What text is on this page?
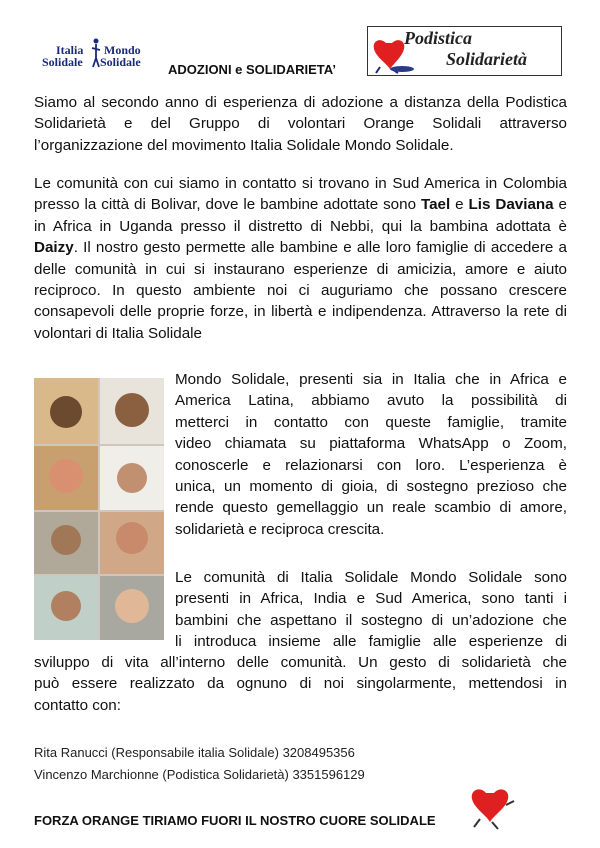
Italia
Solidale
Mondo
Solidale ADOZIONI e SOLIDARIETA’
Podistica
Solidarietà

Siamo al secondo anno di esperienza di adozione a distanza della Podistica Solidarietà e del Gruppo di volontari Orange Solidali attraverso l’organizzazione del movimento Italia Solidale Mondo Solidale.

Le comunità con cui siamo in contatto si trovano in Sud America in Colombia presso la città di Bolivar, dove le bambine adottate sono Tael e Lis Daviana e in Africa in Uganda presso il distretto di Nebbi, qui la bambina adottata è Daizy. Il nostro gesto permette alle bambine e alle loro famiglie di accedere a delle comunità in cui si instaurano esperienze di amicizia, amore e aiuto reciproco. In questo ambiente noi ci auguriamo che possano crescere consapevoli delle proprie forze, in libertà e indipendenza. Attraverso la rete di volontari di Italia Solidale

Mondo Solidale, presenti sia in Italia che in Africa e
America Latina, abbiamo avuto la possibilità di
metterci in contatto con queste famiglie, tramite
video chiamata su piattaforma WhatsApp o Zoom,
conoscerle e relazionarsi con loro. L’esperienza è
unica, un momento di gioia, di sostegno prezioso che
rende questo gemellaggio un reale scambio di amore,
solidarietà e reciproca crescita.
Le comunità di Italia Solidale Mondo Solidale sono
presenti in Africa, India e Sud America, sono tanti i
bambini che aspettano il sostegno di un’adozione che
li introduca insieme alle famiglie alle esperienze di
sviluppo di vita all’interno delle comunità. Un gesto di solidarietà che
può essere realizzato da ognuno di noi singolarmente, mettendosi in
contatto con:
Rita Ranucci (Responsabile italia Solidale) 3208495356
Vincenzo Marchionne (Podistica Solidarietà) 3351596129
FORZA ORANGE TIRIAMO FUORI IL NOSTRO CUORE SOLIDALE
